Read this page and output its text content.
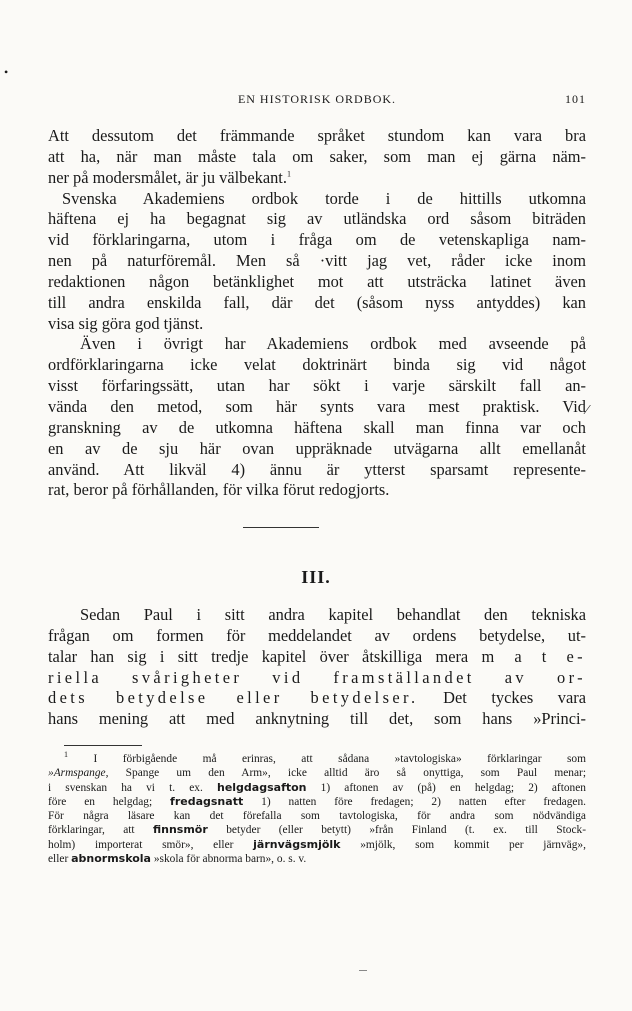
•
⁄
EN HISTORISK ORDBOK.	101
Att dessutom det främmande språket stundom kan vara bra
att ha, när man måste tala om saker, som man ej gärna näm-
ner på modersmålet, är ju välbekant.$^1$
Svenska Akademiens ordbok torde i de hittills utkomna
häftena ej ha begagnat sig av utländska ord såsom biträden
vid förklaringarna, utom i fråga om de vetenskapliga nam-
nen på naturföremål. Men så ·vitt jag vet, råder icke inom
redaktionen någon betänklighet mot att utsträcka latinet även
till andra enskilda fall, där det (såsom nyss antyddes) kan
visa sig göra god tjänst.
Även i övrigt har Akademiens ordbok med avseende på
ordförklaringarna icke velat doktrinärt binda sig vid något
visst förfaringssätt, utan har sökt i varje särskilt fall an-
vända den metod, som här synts vara mest praktisk. Vid
granskning av de utkomna häftena skall man finna var och
en av de sju här ovan uppräknade utvägarna allt emellanåt
använd. Att likväl 4) ännu är ytterst sparsamt represente-
rat, beror på förhållanden, för vilka förut redogjorts.
III.
Sedan Paul i sitt andra kapitel behandlat den tekniska
frågan om formen för meddelandet av ordens betydelse, ut-
talar han sig i sitt tredje kapitel över åtskilliga mera m a t e-
riella svårigheter vid framställandet av or-
dets betydelse eller betydelser. Det tyckes vara
hans mening att med anknytning till det, som hans »Princi-
$^1$ I förbigående må erinras, att sådana »tavtologiska» förklaringar som
»Armspange, Spange um den Arm», icke alltid äro så onyttiga, som Paul menar;
i svenskan ha vi t. ex. helgdagsafton 1) aftonen av (på) en helgdag; 2) aftonen
före en helgdag; fredagsnatt 1) natten före fredagen; 2) natten efter fredagen.
För några läsare kan det förefalla som tavtologiska, för andra som nödvändiga
förklaringar, att finnsmör betyder (eller betytt) »från Finland (t. ex. till Stock-
holm) importerat smör», eller järnvägsmjölk »mjölk, som kommit per järnväg»,
eller abnormskola »skola för abnorma barn», o. s. v.
